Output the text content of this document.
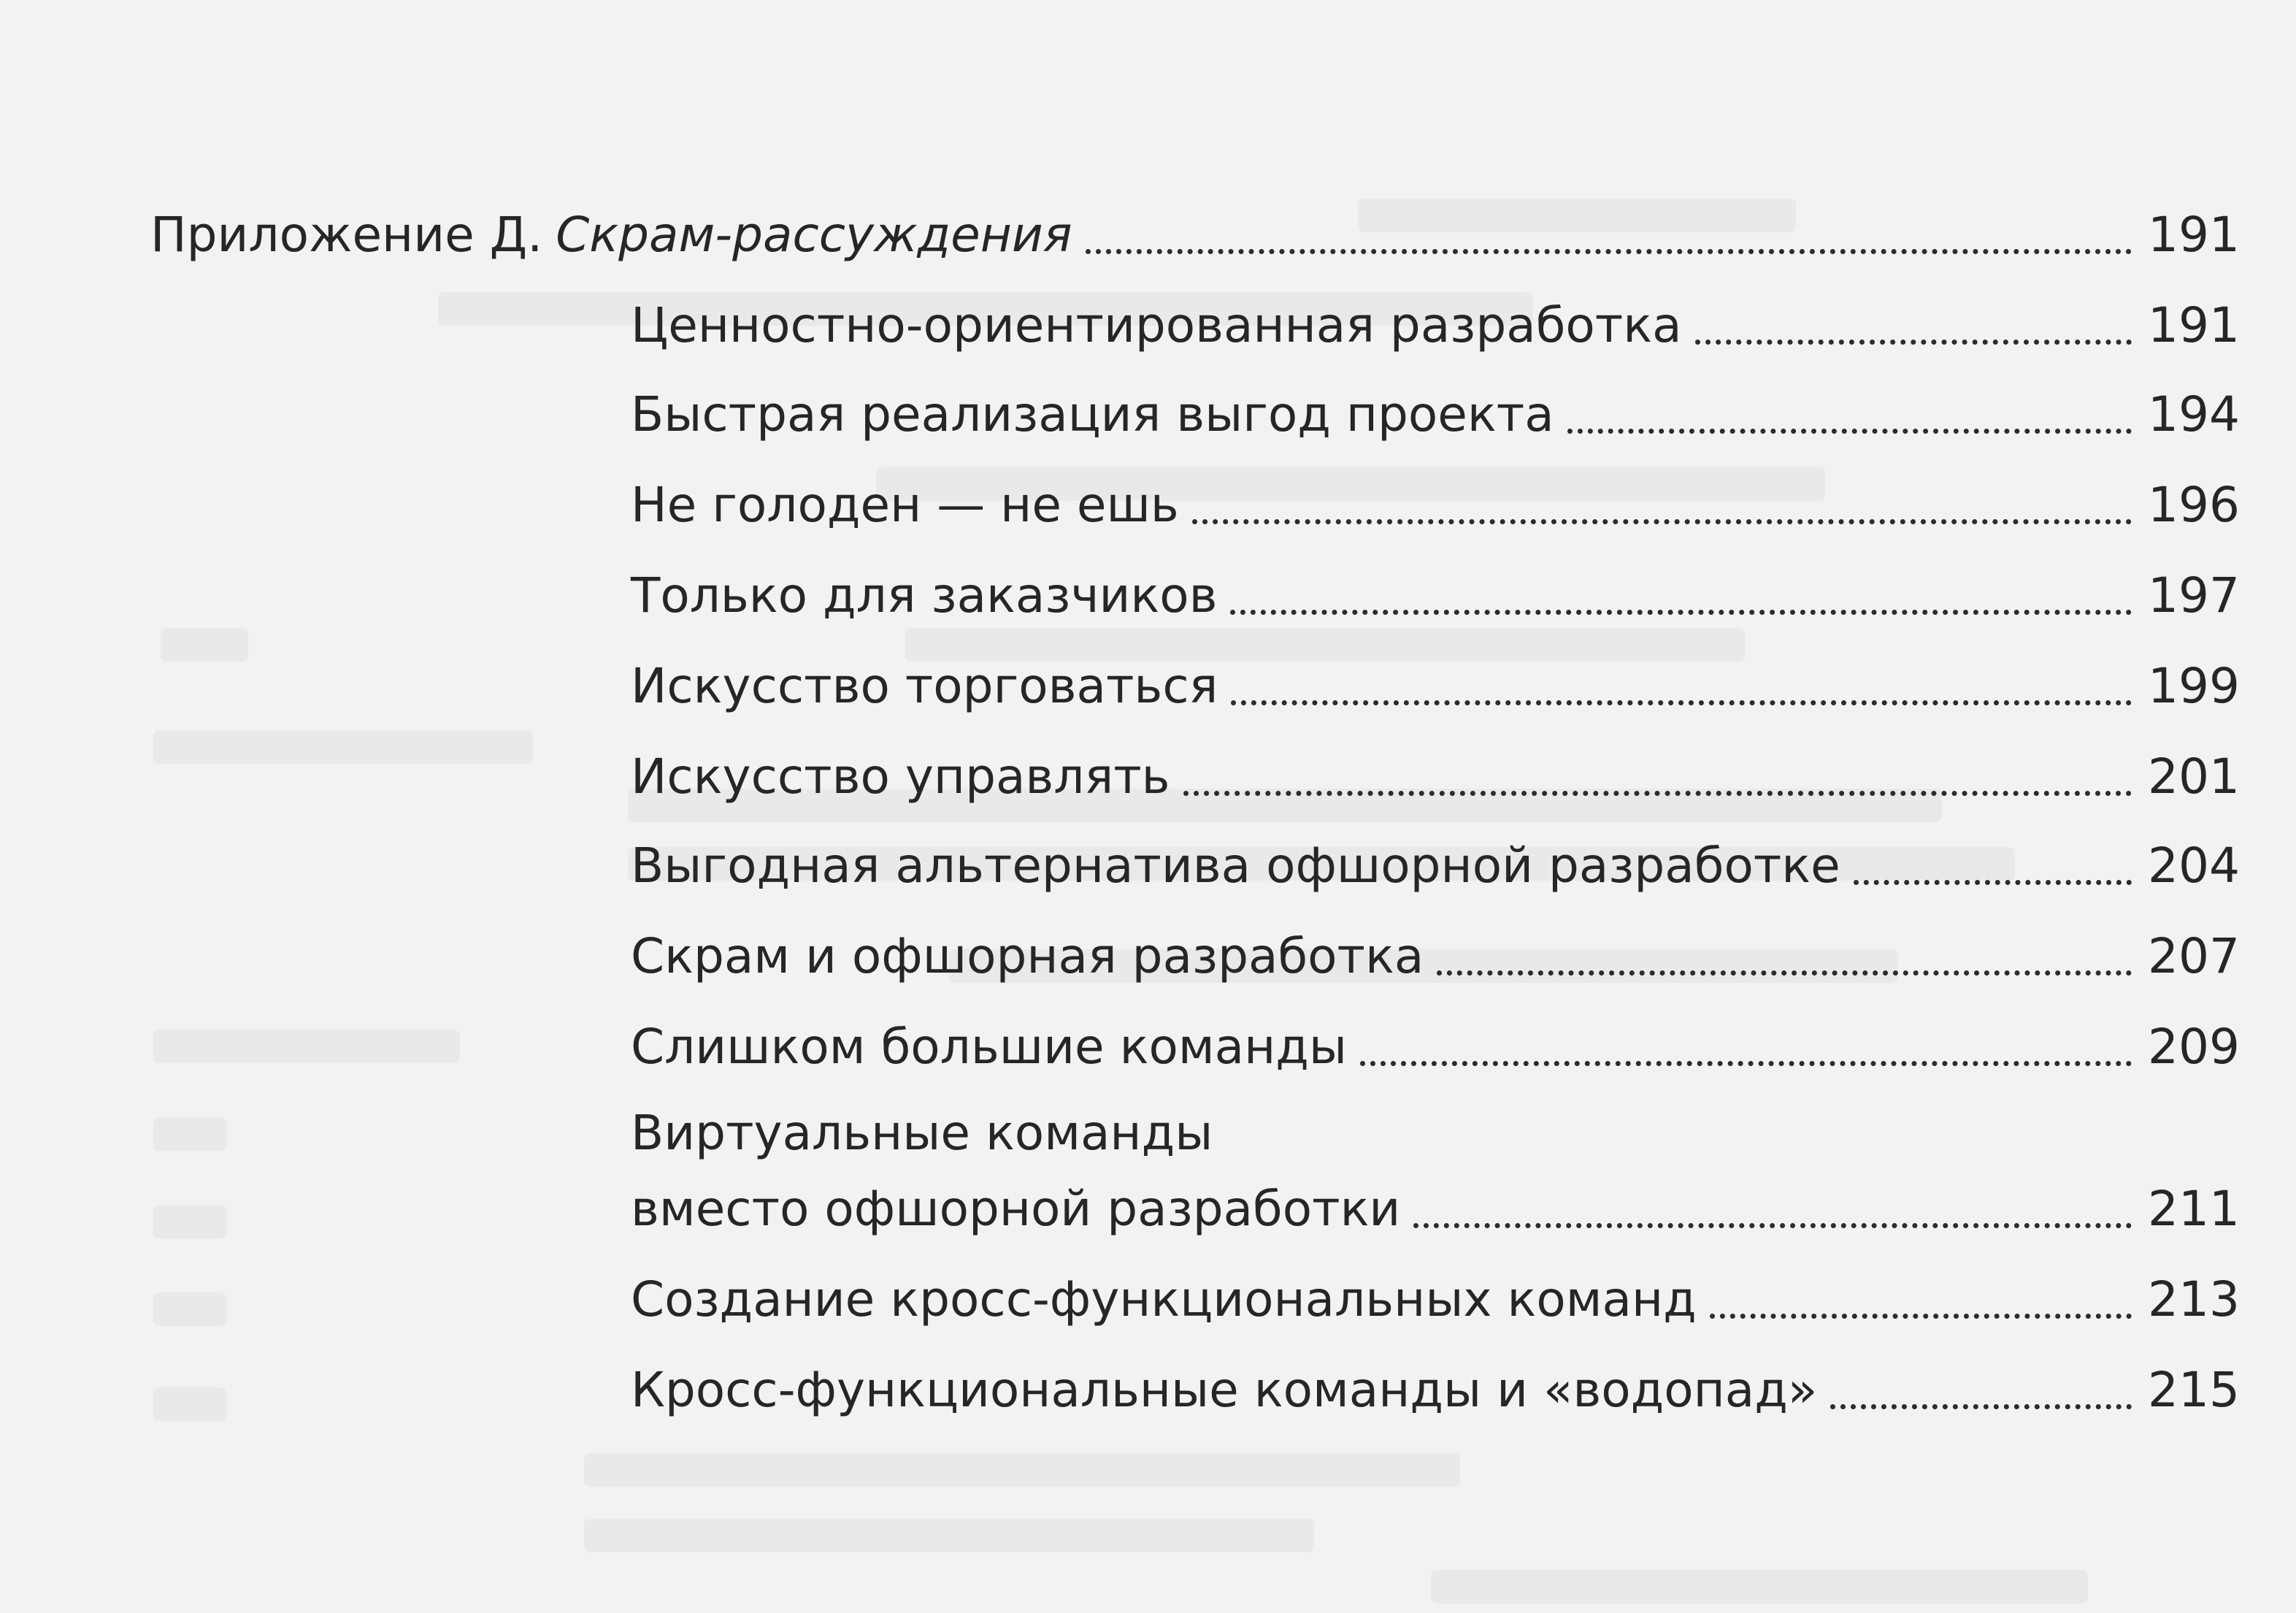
Приложение Д. Скрам-рассуждения	191
Ценностно-ориентированная разработка	191
Быстрая реализация выгод проекта	194
Не голоден — не ешь	196
Только для заказчиков	197
Искусство торговаться	199
Искусство управлять	201
Выгодная альтернатива офшорной разработке	204
Скрам и офшорная разработка	207
Слишком большие команды	209
Виртуальные команды
вместо офшорной разработки	211
Создание кросс-функциональных команд	213
Кросс-функциональные команды и «водопад»	215
